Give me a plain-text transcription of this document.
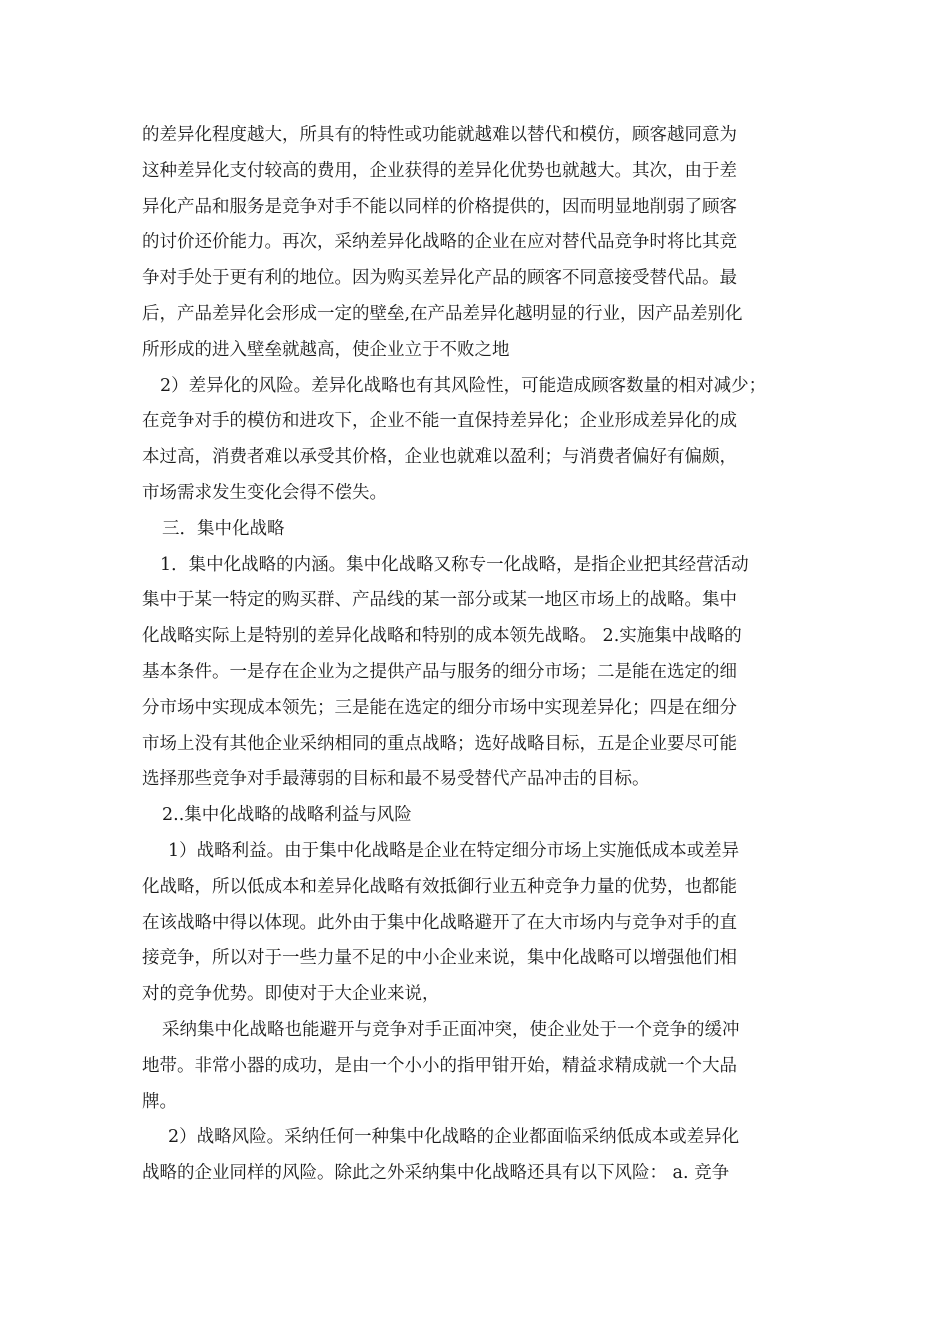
的差异化程度越大，所具有的特性或功能就越难以替代和模仿，顾客越同意为
这种差异化支付较高的费用，企业获得的差异化优势也就越大。其次，由于差
异化产品和服务是竞争对手不能以同样的价格提供的，因而明显地削弱了顾客
的讨价还价能力。再次，采纳差异化战略的企业在应对替代品竞争时将比其竞
争对手处于更有利的地位。因为购买差异化产品的顾客不同意接受替代品。最
后，产品差异化会形成一定的壁垒,在产品差异化越明显的行业，因产品差别化
所形成的进入壁垒就越高，使企业立于不败之地
2）差异化的风险。差异化战略也有其风险性，可能造成顾客数量的相对减少；
在竞争对手的模仿和进攻下，企业不能一直保持差异化；企业形成差异化的成
本过高，消费者难以承受其价格，企业也就难以盈利；与消费者偏好有偏颇，
市场需求发生变化会得不偿失。
三．集中化战略
1．集中化战略的内涵。集中化战略又称专一化战略，是指企业把其经营活动
集中于某一特定的购买群、产品线的某一部分或某一地区市场上的战略。集中
化战略实际上是特别的差异化战略和特别的成本领先战略。 2.实施集中战略的
基本条件。一是存在企业为之提供产品与服务的细分市场；二是能在选定的细
分市场中实现成本领先；三是能在选定的细分市场中实现差异化；四是在细分
市场上没有其他企业采纳相同的重点战略；选好战略目标，五是企业要尽可能
选择那些竞争对手最薄弱的目标和最不易受替代产品冲击的目标。
2..集中化战略的战略利益与风险
1）战略利益。由于集中化战略是企业在特定细分市场上实施低成本或差异
化战略，所以低成本和差异化战略有效抵御行业五种竞争力量的优势，也都能
在该战略中得以体现。此外由于集中化战略避开了在大市场内与竞争对手的直
接竞争，所以对于一些力量不足的中小企业来说，集中化战略可以增强他们相
对的竞争优势。即使对于大企业来说，
采纳集中化战略也能避开与竞争对手正面冲突，使企业处于一个竞争的缓冲
地带。非常小器的成功，是由一个小小的指甲钳开始，精益求精成就一个大品
牌。
2）战略风险。采纳任何一种集中化战略的企业都面临采纳低成本或差异化
战略的企业同样的风险。除此之外采纳集中化战略还具有以下风险： a. 竞争
